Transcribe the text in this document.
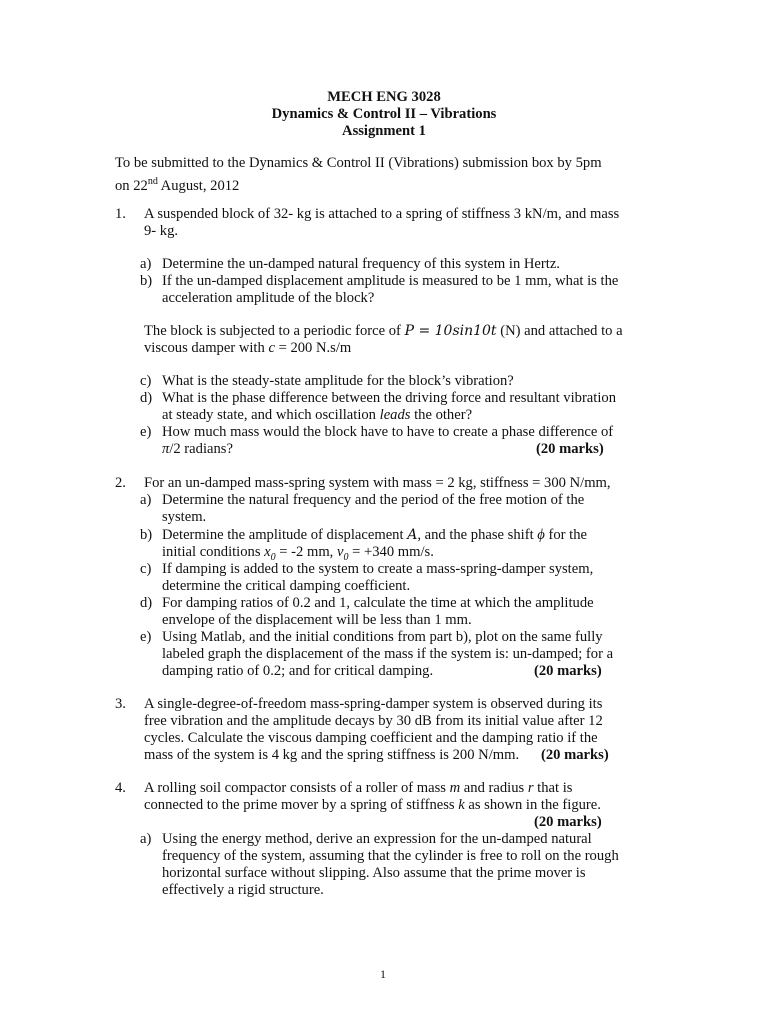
MECH ENG 3028
Dynamics & Control II – Vibrations
Assignment 1
To be submitted to the Dynamics & Control II (Vibrations) submission box by 5pm
on 22nd August, 2012
1. A suspended block of 32- kg is attached to a spring of stiffness 3 kN/m, and mass
9- kg.
a) Determine the un-damped natural frequency of this system in Hertz.
b) If the un-damped displacement amplitude is measured to be 1 mm, what is the
acceleration amplitude of the block?
The block is subjected to a periodic force of P = 10sin10t (N) and attached to a
viscous damper with c = 200 N.s/m
c) What is the steady-state amplitude for the block’s vibration?
d) What is the phase difference between the driving force and resultant vibration
at steady state, and which oscillation leads the other?
e) How much mass would the block have to have to create a phase difference of
π/2 radians?	(20 marks)
2. For an un-damped mass-spring system with mass = 2 kg, stiffness = 300 N/mm,
a) Determine the natural frequency and the period of the free motion of the
system.
b) Determine the amplitude of displacement A, and the phase shift ϕ for the
initial conditions $x_0 = -2$ mm, $v_0 = +340$ mm/s.
c) If damping is added to the system to create a mass-spring-damper system,
determine the critical damping coefficient.
d) For damping ratios of 0.2 and 1, calculate the time at which the amplitude
envelope of the displacement will be less than 1 mm.
e) Using Matlab, and the initial conditions from part b), plot on the same fully
labeled graph the displacement of the mass if the system is: un-damped; for a
damping ratio of 0.2; and for critical damping.	(20 marks)
3. A single-degree-of-freedom mass-spring-damper system is observed during its
free vibration and the amplitude decays by 30 dB from its initial value after 12
cycles. Calculate the viscous damping coefficient and the damping ratio if the
mass of the system is 4 kg and the spring stiffness is 200 N/mm. (20 marks)
4. A rolling soil compactor consists of a roller of mass m and radius r that is
connected to the prime mover by a spring of stiffness k as shown in the figure.
(20 marks)
a) Using the energy method, derive an expression for the un-damped natural
frequency of the system, assuming that the cylinder is free to roll on the rough
horizontal surface without slipping. Also assume that the prime mover is
effectively a rigid structure.
1
